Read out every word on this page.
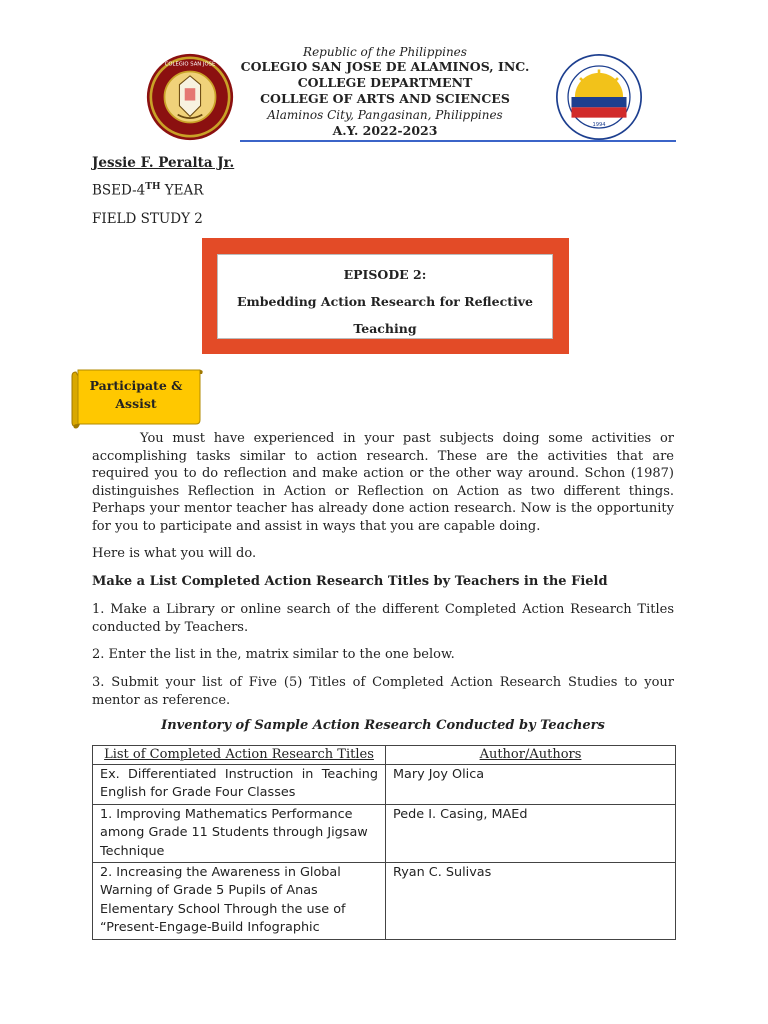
COLEGIO SAN JOSE
Republic of the Philippines
COLEGIO SAN JOSE DE ALAMINOS, INC.
COLLEGE DEPARTMENT
COLLEGE OF ARTS AND SCIENCES
Alaminos City, Pangasinan, Philippines
A.Y. 2022-2023	1994
Jessie F. Peralta Jr.
BSED-4TH YEAR
FIELD STUDY 2
EPISODE 2:
Embedding Action Research for Reflective
Teaching
Participate &
Assist

You must have experienced in your past subjects doing some activities or accomplishing tasks similar to action research. These are the activities that are required you to do reflection and make action or the other way around. Schon (1987) distinguishes Reflection in Action or Reflection on Action as two different things. Perhaps your mentor teacher has already done action research. Now is the opportunity for you to participate and assist in ways that you are capable doing.

Here is what you will do.
Make a List Completed Action Research Titles by Teachers in the Field
1. Make a Library or online search of the different Completed Action Research Titles conducted by Teachers.
2. Enter the list in the, matrix similar to the one below.
3. Submit your list of Five (5) Titles of Completed Action Research Studies to your mentor as reference.
Inventory of Sample Action Research Conducted by Teachers
List of Completed Action Research Titles	Author/Authors
Ex. Differentiated Instruction in Teaching English for Grade Four Classes	Mary Joy Olica
1. Improving Mathematics Performance among Grade 11 Students through Jigsaw Technique	Pede I. Casing, MAEd
2. Increasing the Awareness in Global Warning of Grade 5 Pupils of Anas Elementary School Through the use of “Present-Engage-Build Infographic	Ryan C. Sulivas
